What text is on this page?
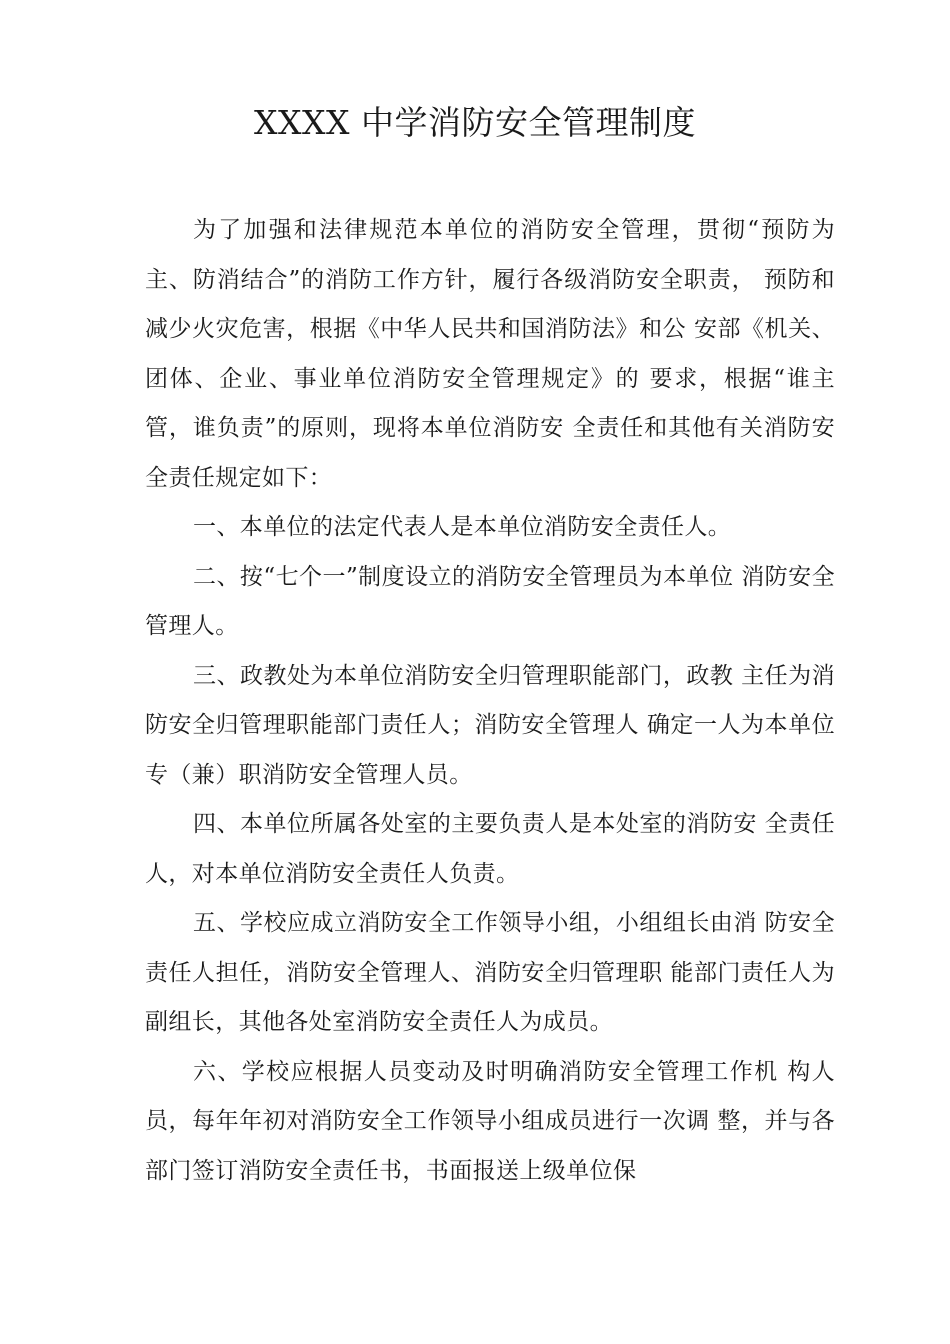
XXXX 中学消防安全管理制度

为了加强和法律规范本单位的消防安全管理，贯彻“预防为主、防消结合”的消防工作方针，履行各级消防安全职责， 预防和减少火灾危害，根据《中华人民共和国消防法》和公 安部《机关、团体、企业、事业单位消防安全管理规定》的 要求，根据“谁主管，谁负责”的原则，现将本单位消防安 全责任和其他有关消防安全责任规定如下：

一、本单位的法定代表人是本单位消防安全责任人。

二、按“七个一”制度设立的消防安全管理员为本单位 消防安全管理人。

三、政教处为本单位消防安全归管理职能部门，政教 主任为消防安全归管理职能部门责任人；消防安全管理人 确定一人为本单位专（兼）职消防安全管理人员。

四、本单位所属各处室的主要负责人是本处室的消防安 全责任人，对本单位消防安全责任人负责。

五、学校应成立消防安全工作领导小组，小组组长由消 防安全责任人担任，消防安全管理人、消防安全归管理职 能部门责任人为副组长，其他各处室消防安全责任人为成员。

六、学校应根据人员变动及时明确消防安全管理工作机 构人员，每年年初对消防安全工作领导小组成员进行一次调 整，并与各部门签订消防安全责任书，书面报送上级单位保
